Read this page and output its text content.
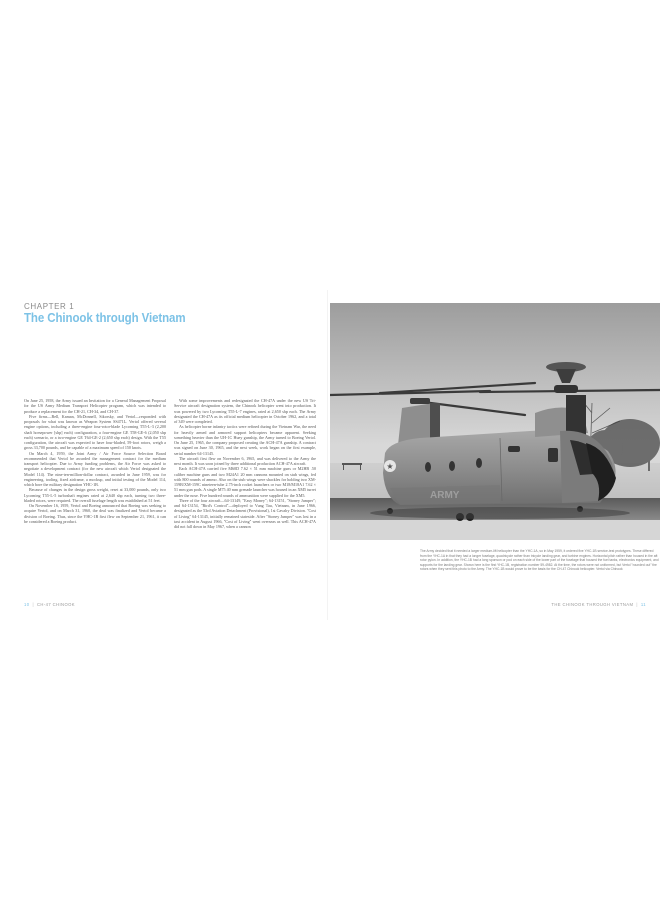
CHAPTER 1
The Chinook through Vietnam

On June 25, 1958, the Army issued an Invitation for a General Management Proposal for the US Army Medium Transport Helicopter program, which was intended to produce a replacement for the CH-21, CH-34, and CH-37.

Five firms—Bell, Kaman, McDonnell, Sikorsky, and Vertol—responded with proposals for what was known as Weapon System SS471L. Vertol offered several engine options, including a three-engine four-rotor-blade Lycoming T55-L-3 (2,200 shaft horsepower [shp] each) configuration, a four-engine GE T58-GE-6 (2,050 shp each) scenario, or a two-engine GE T64-GE-2 (2,650 shp each) design. With the T55 configuration, the aircraft was expected to have four-bladed, 59-foot rotors, weigh a gross 33,700 pounds, and be capable of a maximum speed of 150 knots.

On March 4, 1959, the Joint Army / Air Force Source Selection Board recommended that Vertol be awarded the management contract for the medium transport helicopter. Due to Army funding problems, the Air Force was asked to negotiate a development contract (for the new aircraft which Vertol designated the Model 114). The nine-ten-million-dollar contract, awarded in June 1959, was for engineering, tooling, fixed airframe, a mockup, and initial testing of the Model 114, which bore the military designation YHC-1B.

Because of changes in the design gross weight, reset at 33,000 pounds, only two Lycoming T55-L-5 turboshaft engines rated at 2,640 shp each, turning two three-bladed rotors, were required. The overall fuselage length was established at 51 feet.

On November 16, 1959, Vertol and Boeing announced that Boeing was seeking to acquire Vertol, and on March 31, 1960, the deal was finalized and Vertol became a division of Boeing. Thus, since the YHC-1B first flew on September 21, 1961, it can be considered a Boeing product.

With some improvements and redesignated the CH-47A under the new US Tri-Service aircraft designation system, the Chinook helicopter went into production. It was powered by two Lycoming T55-L-7 engines, rated at 2,650 shp each. The Army designated the CH-47A as its official medium helicopter in October 1962, and a total of 349 were completed.

As helicopter borne infantry tactics were refined during the Vietnam War, the need for heavily armed and armored support helicopters became apparent. Seeking something heavier than the UH-1C Huey gunship, the Army turned to Boeing Vertol. On June 25, 1965, the company proposed creating the ACH-47A gunship. A contract was signed on June 30, 1965, and the next week, work began on the first example, serial number 64-13145.

The aircraft first flew on November 6, 1965, and was delivered to the Army the next month. It was soon joined by three additional production ACH-47A aircraft.

Each ACH-47A carried five M60D 7.62 × 51 mm machine guns or M2HB .50 caliber machine guns and two M24A1 20 mm cannons mounted on stub wings, fed with 800 rounds of ammo. Also on the stub wings were shackles for holding two XM-159B/XM-159C nineteen-tube 2.75-inch rocket launchers or two M18/M18A1 7.62 × 51 mm gun pods. A single M75 40 mm grenade launcher was housed in an XM5 turret under the nose. Five hundred rounds of ammunition were supplied for the XM5.

Three of the four aircraft—64-13149, "Easy Money"; 64-13151, "Stoney Jumper"; and 64-13154, "Bird's Control"—deployed to Vung Tau, Vietnam, in June 1966, designated as the 53rd Aviation Detachment (Provisional), 1st Cavalry Division. "Cost of Living" 64-13145, initially remained stateside. After "Stoney Jumper" was lost in a taxi accident in August 1966, "Cost of Living" went overseas as well. This ACH-47A did not fall down in May 1967, when a cannon

★
The Army decided that it needed a larger medium-lift helicopter than the YHC-1A, so in May 1959, it ordered five YHC-1B service-test prototypes. These differed from the YHC-1A in that they had a longer fuselage, quadricycle rather than tricycle landing gear, and turbine engines. Horizontal pitch rather than housed in the aft rotor pylon. In addition, the YHC-1B had a long sponson or pod on each side of the lower part of the fuselage that housed the fuel tanks, electronics equipment, and supports for the landing gear. Shown here is the first YHC-1B, registration number 59-4982. At the time, the rotors were not uniformed, but Vertol "rounded out" the rotors when they sent this photo to the Army. The YHC-1B would prove to be the basis for the CH-47 Chinook helicopter. Vertol via Chinook
10 | CH-47 CHINOOK	THE CHINOOK THROUGH VIETNAM | 11
